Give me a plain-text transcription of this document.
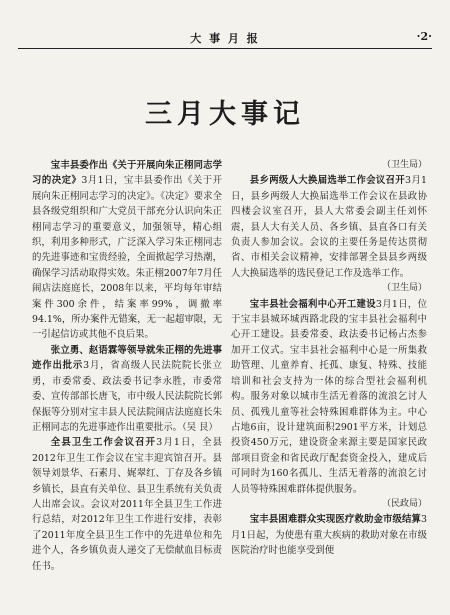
大 事 月 报	·2·
三月大事记

宝丰县委作出《关于开展向朱正栩同志学习的决定》3月1日，宝丰县委作出《关于开展向朱正栩同志学习的决定》。《决定》要求全县各级党组织和广大党员干部充分认识向朱正栩同志学习的重要意义，加强领导，精心组织，利用多种形式，广泛深入学习朱正栩同志的先进事迹和宝贵经验，全面掀起学习热潮，确保学习活动取得实效。朱正栩2007年7月任闹店法庭庭长，2008年以来，平均每年审结案件300余件，结案率99%，调撤率94.1%，所办案件无错案，无一起超审限，无一引起信访或其他不良后果。

张立勇、赵语霖等领导就朱正栩的先进事迹作出批示3月，省高级人民法院院长张立勇，市委常委、政法委书记李永胜，市委常委、宣传部部长唐飞，市中级人民法院院长郭保振等分别对宝丰县人民法院闹店法庭庭长朱正栩同志的先进事迹作出重要批示。（吴 艮）

全县卫生工作会议召开3月1日，全县2012年卫生工作会议在宝丰迎宾馆召开。县领导刘景华、石素月、娓翠红、丁存及各乡镇乡镇长，县直有关单位、县卫生系统有关负责人出席会议。会议对2011年全县卫生工作进行总结，对2012年卫生工作进行安排，表彰了2011年度全县卫生工作中的先进单位和先进个人，各乡镇负责人递交了无偿献血目标责任书。

（卫生局）

县乡两级人大换届选举工作会议召开3月1日，县乡两级人大换届选举工作会议在县政协四楼会议室召开，县人大常委会副主任刘怀震，县人大有关人员、各乡镇、县直各口有关负责人参加会议。会议的主要任务是传达贯彻省、市相关会议精神，安排部署全县县乡两级人大换届选举的选民登记工作及选举工作。

（卫生局）

宝丰县社会福利中心开工建设3月1日，位于宝丰县城环城西路北段的宝丰县社会福利中心开工建设。县委常委、政法委书记杨占杰参加开工仪式。宝丰县社会福利中心是一所集救助管理、儿童养育、托孤、康复、特殊、技能培训和社会支持为一体的综合型社会福利机构。服务对象以城市生活无着落的流浪乞讨人员、孤残儿童等社会特殊困难群体为主。中心占地6亩，设计建筑面积2901平方米，计划总投资450万元，建设资金来源主要是国家民政部项目资金和省民政厅配套资金投入，建成后可同时为160名孤儿、生活无着落的流浪乞讨人员等特殊困难群体提供服务。

（民政局）

宝丰县困难群众实现医疗救助金市级结算3月1日起，为使患有重大疾病的救助对象在市级医院治疗时也能享受到便
